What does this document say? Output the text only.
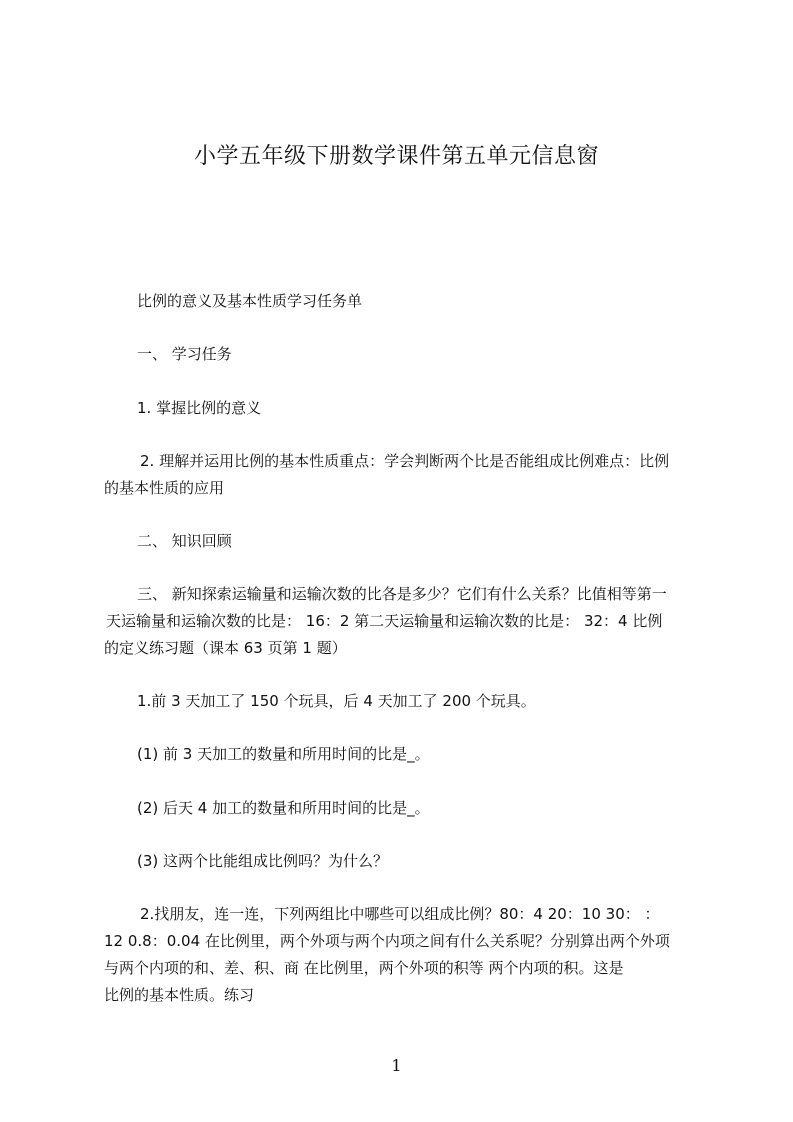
小学五年级下册数学课件第五单元信息窗
比例的意义及基本性质学习任务单
一、 学习任务
1. 掌握比例的意义
2. 理解并运用比例的基本性质重点：学会判断两个比是否能组成比例难点：比例
的基本性质的应用
二、 知识回顾
三、 新知探索运输量和运输次数的比各是多少？它们有什么关系？比值相等第一
天运输量和运输次数的比是： 16：2 第二天运输量和运输次数的比是： 32：4 比例
的定义练习题（课本 63 页第 1 题）
1.前 3 天加工了 150 个玩具，后 4 天加工了 200 个玩具。
(1) 前 3 天加工的数量和所用时间的比是_。
(2) 后天 4 加工的数量和所用时间的比是_。
(3) 这两个比能组成比例吗？为什么？
2.找朋友，连一连，下列两组比中哪些可以组成比例？80：4 20：10 30： ：
12 0.8：0.04 在比例里，两个外项与两个内项之间有什么关系呢？分别算出两个外项
与两个内项的和、差、积、商 在比例里，两个外项的积等 两个内项的积。这是
比例的基本性质。练习
1
